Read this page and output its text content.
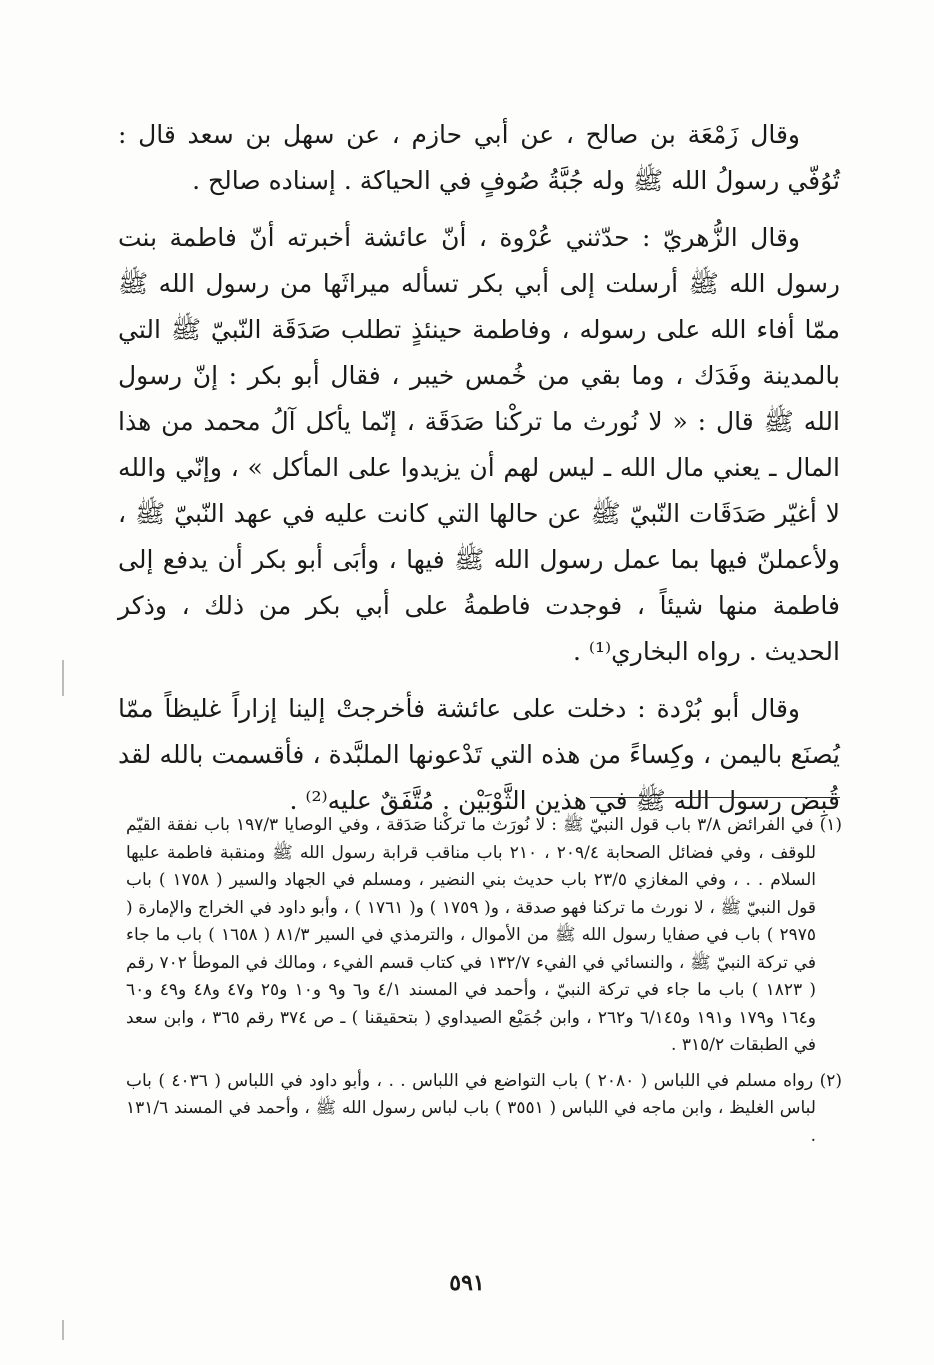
وقال زَمْعَة بن صالح ، عن أبي حازم ، عن سهل بن سعد قال : تُوُفّي رسولُ الله ﷺ وله جُبَّةُ صُوفٍ في الحياكة . إسناده صالح .

وقال الزُّهريّ : حدّثني عُرْوة ، أنّ عائشة أخبرته أنّ فاطمة بنت رسول الله ﷺ أرسلت إلى أبي بكر تسأله ميراثَها من رسول الله ﷺ ممّا أفاء الله على رسوله ، وفاطمة حينئذٍ تطلب صَدَقَة النّبيّ ﷺ التي بالمدينة وفَدَك ، وما بقي من خُمس خيبر ، فقال أبو بكر : إنّ رسول الله ﷺ قال : « لا نُورث ما تركْنا صَدَقَة ، إنّما يأكل آلُ محمد من هذا المال ـ يعني مال الله ـ ليس لهم أن يزيدوا على المأكل » ، وإنّي والله لا أغيّر صَدَقَات النّبيّ ﷺ عن حالها التي كانت عليه في عهد النّبيّ ﷺ ، ولأعملنّ فيها بما عمل رسول الله ﷺ فيها ، وأبَى أبو بكر أن يدفع إلى فاطمة منها شيئاً ، فوجدت فاطمةُ على أبي بكر من ذلك ، وذكر الحديث . رواه البخاري⁽¹⁾ .

وقال أبو بُرْدة : دخلت على عائشة فأخرجتْ إلينا إزاراً غليظاً ممّا يُصنَع باليمن ، وكِساءً من هذه التي تَدْعونها الملبَّدة ، فأقسمت بالله لقد قُبِض رسول الله ﷺ في هذين الثَّوْبَيْن . مُتَّفَقٌ عليه⁽²⁾ .

(١) في الفرائض ٣/٨ باب قول النبيّ ﷺ : لا نُورَث ما تركْنا صَدَقة ، وفي الوصايا ١٩٧/٣ باب نفقة القيّم للوقف ، وفي فضائل الصحابة ٢٠٩/٤ ، ٢١٠ باب مناقب قرابة رسول الله ﷺ ومنقبة فاطمة عليها السلام . . ، وفي المغازي ٢٣/٥ باب حديث بني النضير ، ومسلم في الجهاد والسير ( ١٧٥٨ ) باب قول النبيّ ﷺ ، لا نورث ما تركنا فهو صدقة ، و( ١٧٥٩ ) و( ١٧٦١ ) ، وأبو داود في الخراج والإمارة ( ٢٩٧٥ ) باب في صفايا رسول الله ﷺ من الأموال ، والترمذي في السير ٨١/٣ ( ١٦٥٨ ) باب ما جاء في تركة النبيّ ﷺ ، والنسائي في الفيء ١٣٢/٧ في كتاب قسم الفيء ، ومالك في الموطأ ٧٠٢ رقم ( ١٨٢٣ ) باب ما جاء في تركة النبيّ ، وأحمد في المسند ٤/١ و٦ و٩ و١٠ و٢٥ و٤٧ و٤٨ و٤٩ و٦٠ و١٦٤ و١٧٩ و١٩١ و٦/١٤٥ و٢٦٢ ، وابن جُمَيْع الصيداوي ( بتحقيقنا ) ـ ص ٣٧٤ رقم ٣٦٥ ، وابن سعد في الطبقات ٣١٥/٢ .

(٢) رواه مسلم في اللباس ( ٢٠٨٠ ) باب التواضع في اللباس . . ، وأبو داود في اللباس ( ٤٠٣٦ ) باب لباس الغليظ ، وابن ماجه في اللباس ( ٣٥٥١ ) باب لباس رسول الله ﷺ ، وأحمد في المسند ١٣١/٦ .

٥٩١
